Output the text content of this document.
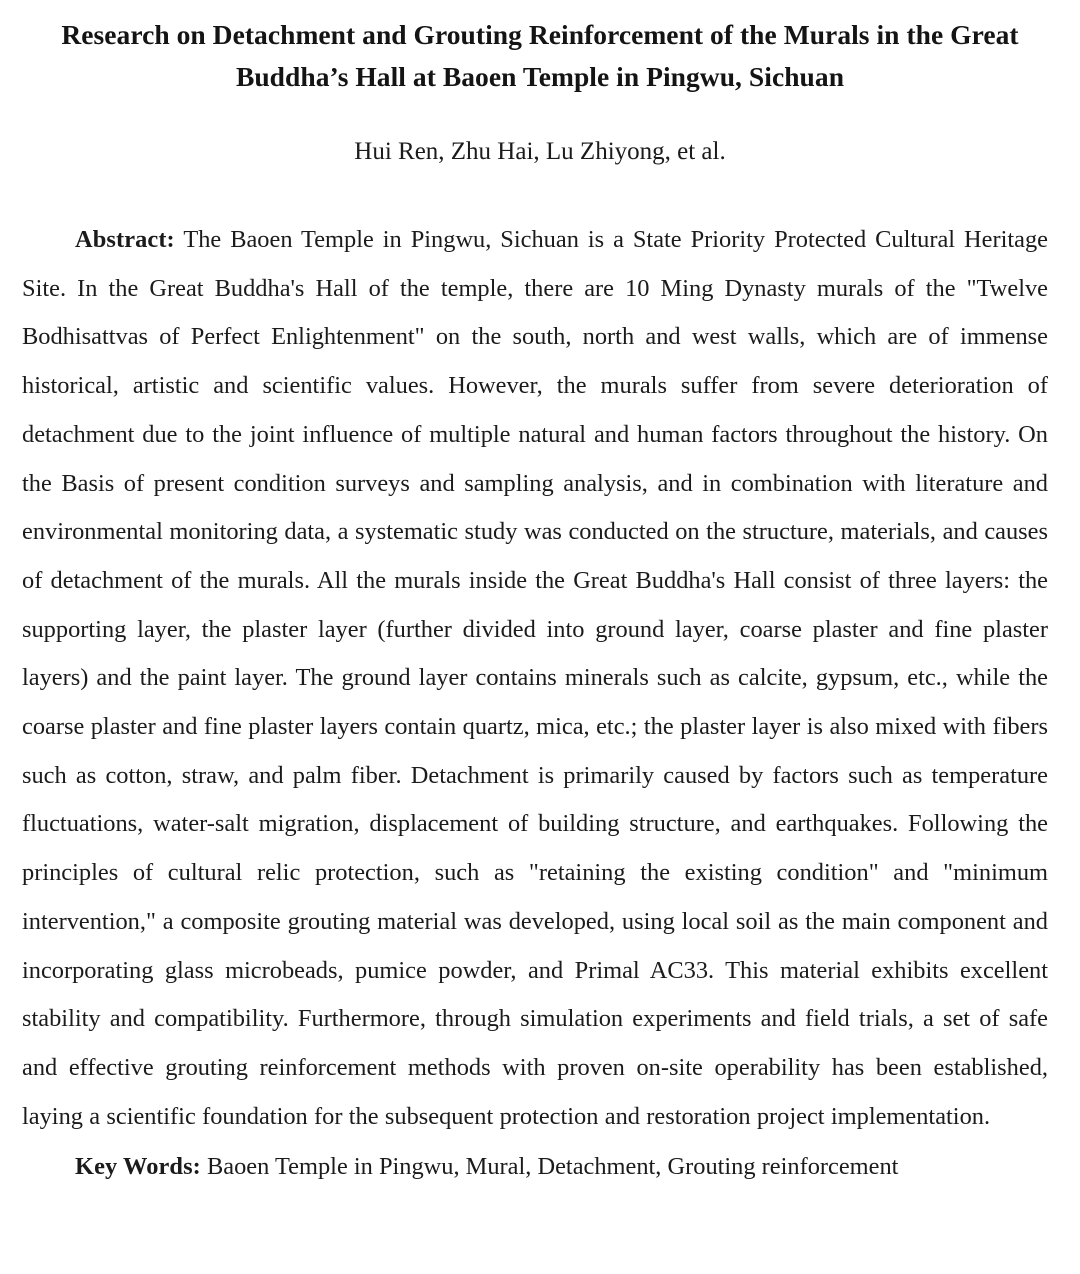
Research on Detachment and Grouting Reinforcement of the Murals in the Great Buddha’s Hall at Baoen Temple in Pingwu, Sichuan

Hui Ren, Zhu Hai, Lu Zhiyong, et al.

Abstract: The Baoen Temple in Pingwu, Sichuan is a State Priority Protected Cultural Heritage Site. In the Great Buddha's Hall of the temple, there are 10 Ming Dynasty murals of the "Twelve Bodhisattvas of Perfect Enlightenment" on the south, north and west walls, which are of immense historical, artistic and scientific values. However, the murals suffer from severe deterioration of detachment due to the joint influence of multiple natural and human factors throughout the history. On the Basis of present condition surveys and sampling analysis, and in combination with literature and environmental monitoring data, a systematic study was conducted on the structure, materials, and causes of detachment of the murals. All the murals inside the Great Buddha's Hall consist of three layers: the supporting layer, the plaster layer (further divided into ground layer, coarse plaster and fine plaster layers) and the paint layer. The ground layer contains minerals such as calcite, gypsum, etc., while the coarse plaster and fine plaster layers contain quartz, mica, etc.; the plaster layer is also mixed with fibers such as cotton, straw, and palm fiber. Detachment is primarily caused by factors such as temperature fluctuations, water-salt migration, displacement of building structure, and earthquakes. Following the principles of cultural relic protection, such as "retaining the existing condition" and "minimum intervention," a composite grouting material was developed, using local soil as the main component and incorporating glass microbeads, pumice powder, and Primal AC33. This material exhibits excellent stability and compatibility. Furthermore, through simulation experiments and field trials, a set of safe and effective grouting reinforcement methods with proven on-site operability has been established, laying a scientific foundation for the subsequent protection and restoration project implementation.

Key Words: Baoen Temple in Pingwu, Mural, Detachment, Grouting reinforcement
